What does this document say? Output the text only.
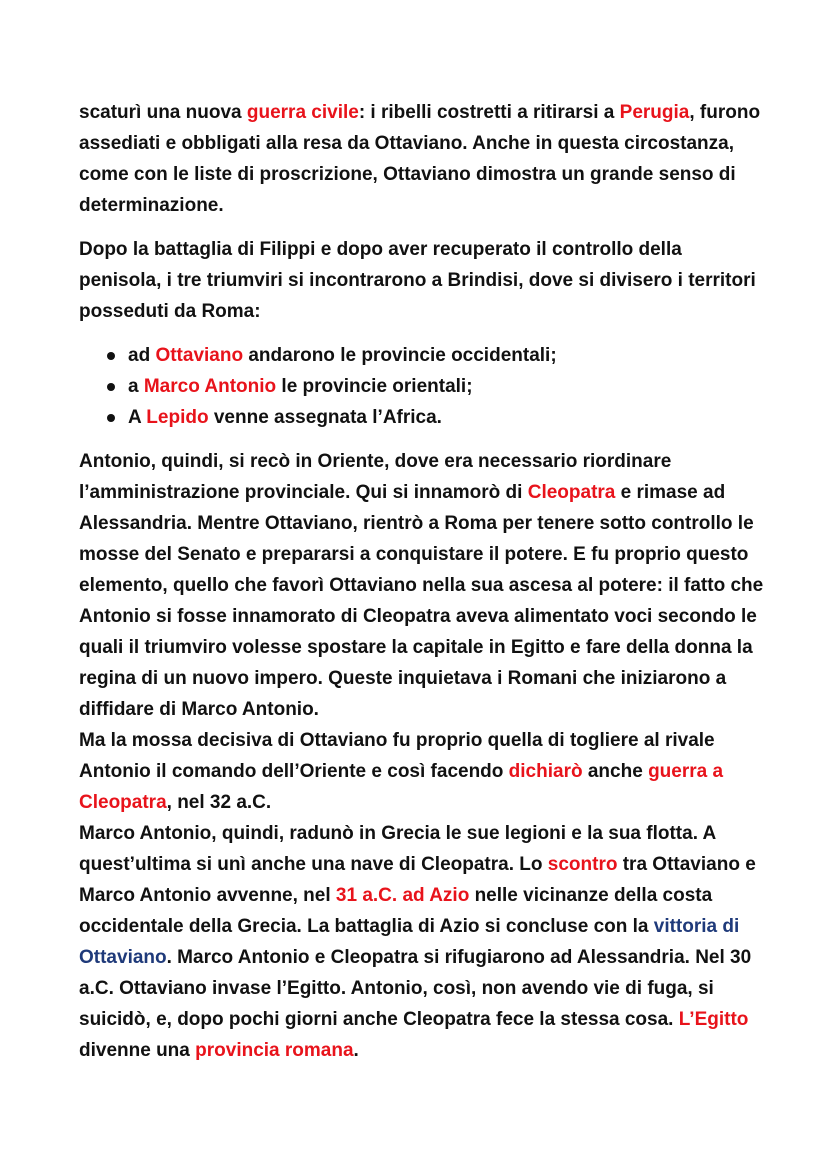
scaturì una nuova guerra civile: i ribelli costretti a ritirarsi a Perugia, furono assediati e obbligati alla resa da Ottaviano. Anche in questa circostanza, come con le liste di proscrizione, Ottaviano dimostra un grande senso di determinazione.

Dopo la battaglia di Filippi e dopo aver recuperato il controllo della penisola, i tre triumviri si incontrarono a Brindisi, dove si divisero i territori posseduti da Roma:

ad Ottaviano andarono le provincie occidentali;
a Marco Antonio le provincie orientali;
A Lepido venne assegnata l’Africa.

Antonio, quindi, si recò in Oriente, dove era necessario riordinare l’amministrazione provinciale. Qui si innamorò di Cleopatra e rimase ad Alessandria. Mentre Ottaviano, rientrò a Roma per tenere sotto controllo le mosse del Senato e prepararsi a conquistare il potere. E fu proprio questo elemento, quello che favorì Ottaviano nella sua ascesa al potere: il fatto che Antonio si fosse innamorato di Cleopatra aveva alimentato voci secondo le quali il triumviro volesse spostare la capitale in Egitto e fare della donna la regina di un nuovo impero. Queste inquietava i Romani che iniziarono a diffidare di Marco Antonio.

Ma la mossa decisiva di Ottaviano fu proprio quella di togliere al rivale Antonio il comando dell’Oriente e così facendo dichiarò anche guerra a Cleopatra, nel 32 a.C.

Marco Antonio, quindi, radunò in Grecia le sue legioni e la sua flotta. A quest’ultima si unì anche una nave di Cleopatra. Lo scontro tra Ottaviano e Marco Antonio avvenne, nel 31 a.C. ad Azio nelle vicinanze della costa occidentale della Grecia. La battaglia di Azio si concluse con la vittoria di Ottaviano. Marco Antonio e Cleopatra si rifugiarono ad Alessandria. Nel 30 a.C. Ottaviano invase l’Egitto. Antonio, così, non avendo vie di fuga, si suicidò, e, dopo pochi giorni anche Cleopatra fece la stessa cosa. L’Egitto divenne una provincia romana.
